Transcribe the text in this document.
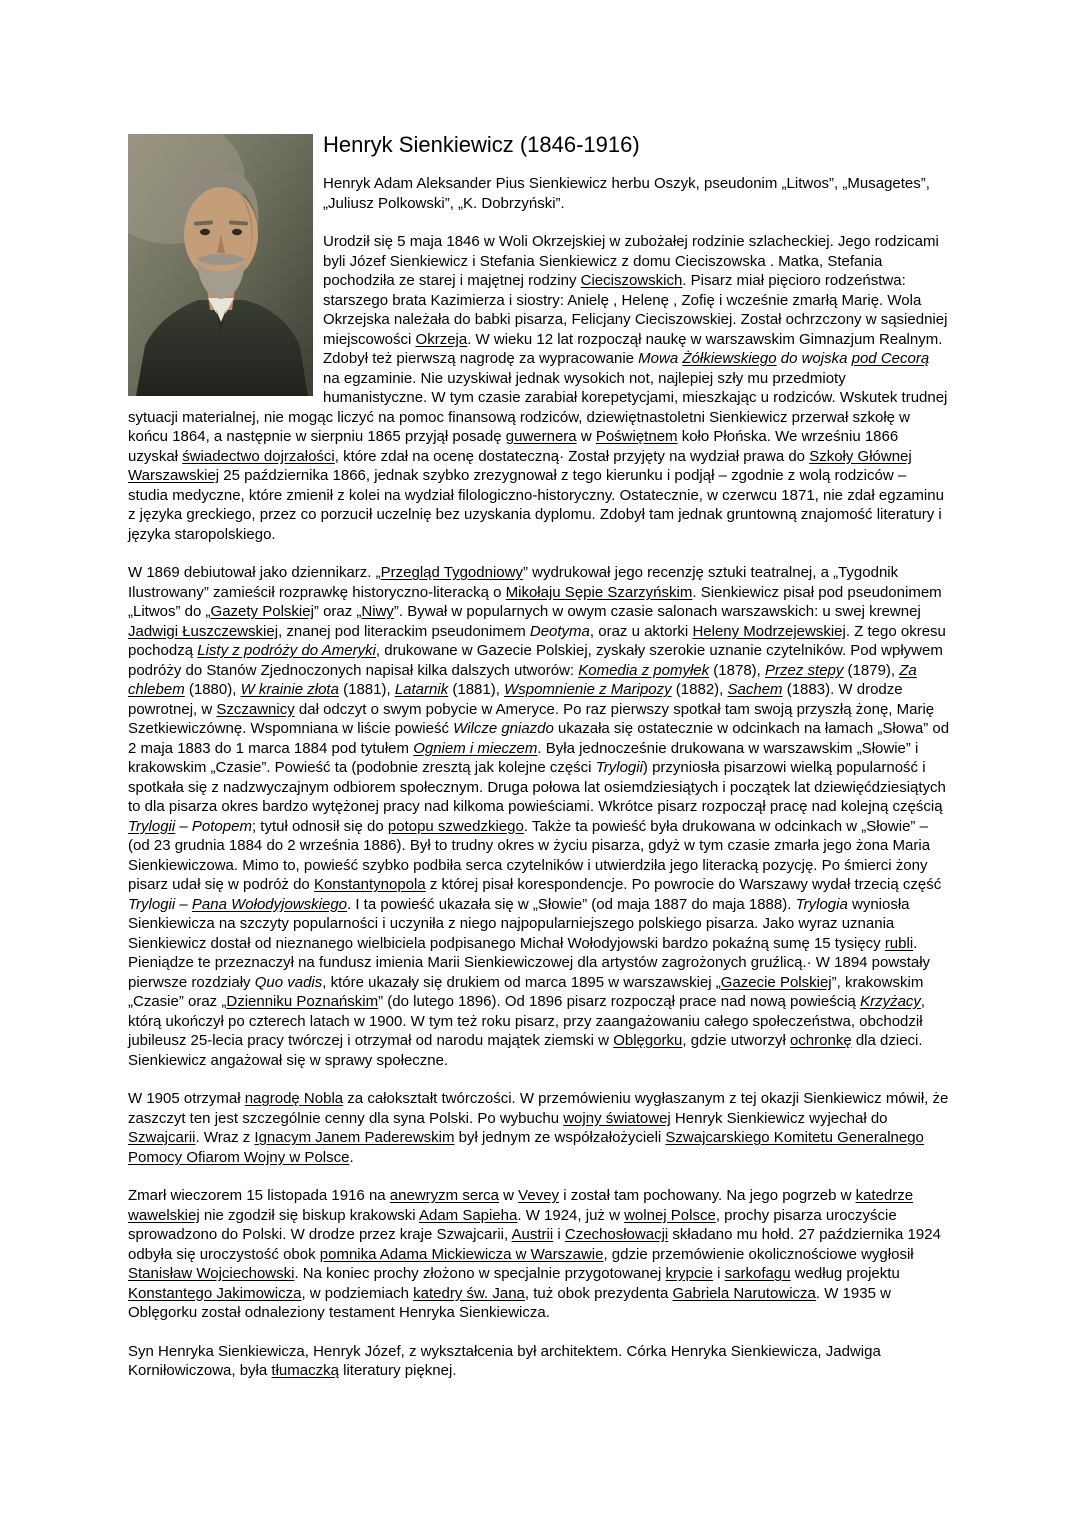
Henryk Sienkiewicz (1846-1916)

Henryk Adam Aleksander Pius Sienkiewicz herbu Oszyk, pseudonim „Litwos”, „Musagetes”, „Juliusz Polkowski”, „K. Dobrzyński”.

Urodził się 5 maja 1846 w Woli Okrzejskiej w zubożałej rodzinie szlacheckiej. Jego rodzicami byli Józef Sienkiewicz i Stefania Sienkiewicz z domu Cieciszowska . Matka, Stefania pochodziła ze starej i majętnej rodziny Cieciszowskich. Pisarz miał pięcioro rodzeństwa: starszego brata Kazimierza i siostry: Anielę , Helenę , Zofię i wcześnie zmarłą Marię. Wola Okrzejska należała do babki pisarza, Felicjany Cieciszowskiej. Został ochrzczony w sąsiedniej miejscowości Okrzeja. W wieku 12 lat rozpoczął naukę w warszawskim Gimnazjum Realnym. Zdobył też pierwszą nagrodę za wypracowanie Mowa Żółkiewskiego do wojska pod Cecorą na egzaminie. Nie uzyskiwał jednak wysokich not, najlepiej szły mu przedmioty humanistyczne. W tym czasie zarabiał korepetycjami, mieszkając u rodziców. Wskutek trudnej sytuacji materialnej, nie mogąc liczyć na pomoc finansową rodziców, dziewiętnastoletni Sienkiewicz przerwał szkołę w końcu 1864, a następnie w sierpniu 1865 przyjął posadę guwernera w Poświętnem koło Płońska. We wrześniu 1866 uzyskał świadectwo dojrzałości, które zdał na ocenę dostateczną· Został przyjęty na wydział prawa do Szkoły Głównej Warszawskiej 25 października 1866, jednak szybko zrezygnował z tego kierunku i podjął – zgodnie z wolą rodziców – studia medyczne, które zmienił z kolei na wydział filologiczno-historyczny. Ostatecznie, w czerwcu 1871, nie zdał egzaminu z języka greckiego, przez co porzucił uczelnię bez uzyskania dyplomu. Zdobył tam jednak gruntowną znajomość literatury i języka staropolskiego.

W 1869 debiutował jako dziennikarz. „Przegląd Tygodniowy” wydrukował jego recenzję sztuki teatralnej, a „Tygodnik Ilustrowany” zamieścił rozprawkę historyczno-literacką o Mikołaju Sępie Szarzyńskim. Sienkiewicz pisał pod pseudonimem „Litwos” do „Gazety Polskiej” oraz „Niwy”. Bywał w popularnych w owym czasie salonach warszawskich: u swej krewnej Jadwigi Łuszczewskiej, znanej pod literackim pseudonimem Deotyma, oraz u aktorki Heleny Modrzejewskiej. Z tego okresu pochodzą Listy z podróży do Ameryki, drukowane w Gazecie Polskiej, zyskały szerokie uznanie czytelników. Pod wpływem podróży do Stanów Zjednoczonych napisał kilka dalszych utworów: Komedia z pomyłek (1878), Przez stepy (1879), Za chlebem (1880), W krainie złota (1881), Latarnik (1881), Wspomnienie z Maripozy (1882), Sachem (1883). W drodze powrotnej, w Szczawnicy dał odczyt o swym pobycie w Ameryce. Po raz pierwszy spotkał tam swoją przyszłą żonę, Marię Szetkiewiczównę. Wspomniana w liście powieść Wilcze gniazdo ukazała się ostatecznie w odcinkach na łamach „Słowa” od 2 maja 1883 do 1 marca 1884 pod tytułem Ogniem i mieczem. Była jednocześnie drukowana w warszawskim „Słowie” i krakowskim „Czasie”. Powieść ta (podobnie zresztą jak kolejne części Trylogii) przyniosła pisarzowi wielką popularność i spotkała się z nadzwyczajnym odbiorem społecznym. Druga połowa lat osiemdziesiątych i początek lat dziewięćdziesiątych to dla pisarza okres bardzo wytężonej pracy nad kilkoma powieściami. Wkrótce pisarz rozpoczął pracę nad kolejną częścią Trylogii – Potopem; tytuł odnosił się do potopu szwedzkiego. Także ta powieść była drukowana w odcinkach w „Słowie” – (od 23 grudnia 1884 do 2 września 1886). Był to trudny okres w życiu pisarza, gdyż w tym czasie zmarła jego żona Maria Sienkiewiczowa. Mimo to, powieść szybko podbiła serca czytelników i utwierdziła jego literacką pozycję. Po śmierci żony pisarz udał się w podróż do Konstantynopola z której pisał korespondencje. Po powrocie do Warszawy wydał trzecią część Trylogii – Pana Wołodyjowskiego. I ta powieść ukazała się w „Słowie” (od maja 1887 do maja 1888). Trylogia wyniosła Sienkiewicza na szczyty popularności i uczyniła z niego najpopularniejszego polskiego pisarza. Jako wyraz uznania Sienkiewicz dostał od nieznanego wielbiciela podpisanego Michał Wołodyjowski bardzo pokaźną sumę 15 tysięcy rubli. Pieniądze te przeznaczył na fundusz imienia Marii Sienkiewiczowej dla artystów zagrożonych gruźlicą.· W 1894 powstały pierwsze rozdziały Quo vadis, które ukazały się drukiem od marca 1895 w warszawskiej „Gazecie Polskiej”, krakowskim „Czasie” oraz „Dzienniku Poznańskim” (do lutego 1896). Od 1896 pisarz rozpoczął prace nad nową powieścią Krzyżacy, którą ukończył po czterech latach w 1900. W tym też roku pisarz, przy zaangażowaniu całego społeczeństwa, obchodził jubileusz 25-lecia pracy twórczej i otrzymał od narodu majątek ziemski w Oblęgorku, gdzie utworzył ochronkę dla dzieci. Sienkiewicz angażował się w sprawy społeczne.

W 1905 otrzymał nagrodę Nobla za całokształt twórczości. W przemówieniu wygłaszanym z tej okazji Sienkiewicz mówił, że zaszczyt ten jest szczególnie cenny dla syna Polski. Po wybuchu wojny światowej Henryk Sienkiewicz wyjechał do Szwajcarii. Wraz z Ignacym Janem Paderewskim był jednym ze współzałożycieli Szwajcarskiego Komitetu Generalnego Pomocy Ofiarom Wojny w Polsce.

Zmarł wieczorem 15 listopada 1916 na anewryzm serca w Vevey i został tam pochowany. Na jego pogrzeb w katedrze wawelskiej nie zgodził się biskup krakowski Adam Sapieha. W 1924, już w wolnej Polsce, prochy pisarza uroczyście sprowadzono do Polski. W drodze przez kraje Szwajcarii, Austrii i Czechosłowacji składano mu hołd. 27 października 1924 odbyła się uroczystość obok pomnika Adama Mickiewicza w Warszawie, gdzie przemówienie okolicznościowe wygłosił Stanisław Wojciechowski. Na koniec prochy złożono w specjalnie przygotowanej krypcie i sarkofagu według projektu Konstantego Jakimowicza, w podziemiach katedry św. Jana, tuż obok prezydenta Gabriela Narutowicza. W 1935 w Oblęgorku został odnaleziony testament Henryka Sienkiewicza.

Syn Henryka Sienkiewicza, Henryk Józef, z wykształcenia był architektem. Córka Henryka Sienkiewicza, Jadwiga Korniłowiczowa, była tłumaczką literatury pięknej.
